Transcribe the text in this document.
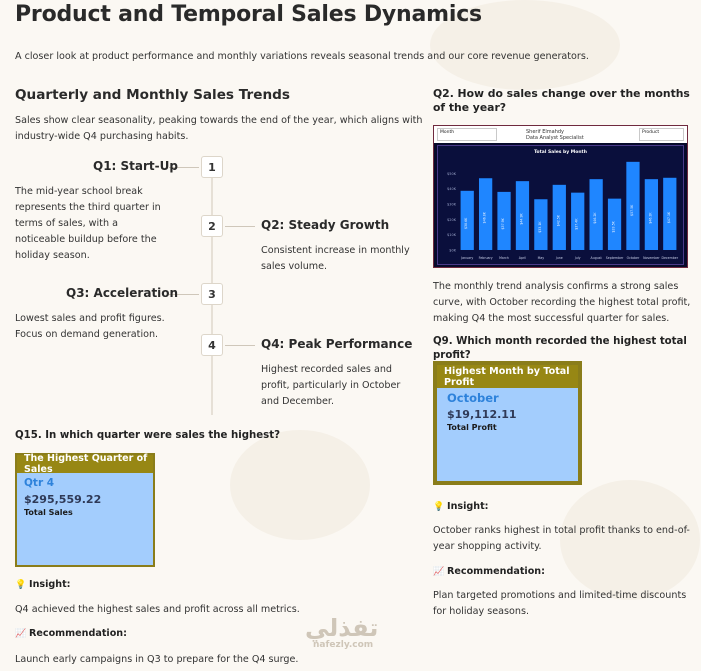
Product and Temporal Sales Dynamics
A closer look at product performance and monthly variations reveals seasonal trends and our core revenue generators.
Quarterly and Monthly Sales Trends
Sales show clear seasonality, peaking towards the end of the year, which aligns with
industry-wide Q4 purchasing habits.
1
Q1: Start-Up
The mid-year school break
represents the third quarter in
terms of sales, with a
noticeable buildup before the
holiday season.
2	Q2: Steady Growth
Consistent increase in monthly
sales volume.
3
Q3: Acceleration
Lowest sales and profit figures.
Focus on demand generation.
4	Q4: Peak Performance
Highest recorded sales and
profit, particularly in October
and December.
Q15. In which quarter were sales the highest?
The Highest Quarter of Sales
Qtr 4
$295,559.22
Total Sales
💡 Insight:
Q4 achieved the highest sales and profit across all metrics.
📈 Recommendation:
Launch early campaigns in Q3 to prepare for the Q4 surge.
Q2. How do sales change over the months
of the year?
Month	Sherif Elmahdy
Data Analyst Specialist
Product
Total Sales by Month
$0K
$10K
$20K
$30K
$40K
$50K
$38.6K
January
$46.8K
February
$37.9K
March
$44.9K
April
$33.1K
May
$42.5K
June
$37.4K
July
$46.2K
August
$33.5K
September
$57.5K
October
$46.2K
November
$47.1K
December
The monthly trend analysis confirms a strong sales
curve, with October recording the highest total profit,
making Q4 the most successful quarter for sales.
Q9. Which month recorded the highest total profit?
Highest Month by Total Profit
October
$19,112.11
Total Profit
💡 Insight:
October ranks highest in total profit thanks to end-of-
year shopping activity.
📈 Recommendation:
Plan targeted promotions and limited-time discounts
for holiday seasons.
تفذلي
nafezly.com
